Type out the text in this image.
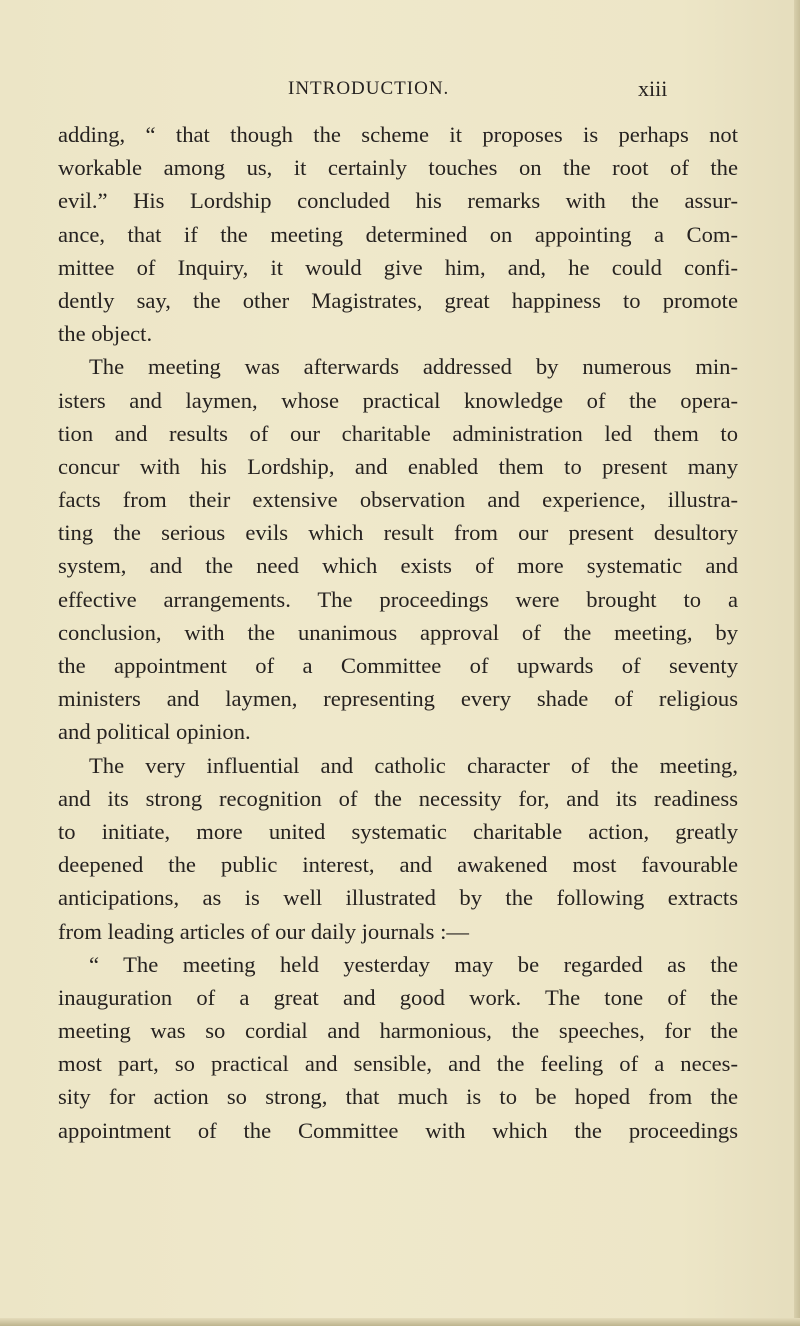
INTRODUCTION.	xiii
adding, “ that though the scheme it proposes is perhaps not
workable among us, it certainly touches on the root of the
evil.” His Lordship concluded his remarks with the assur-
ance, that if the meeting determined on appointing a Com-
mittee of Inquiry, it would give him, and, he could confi-
dently say, the other Magistrates, great happiness to promote
the object.
The meeting was afterwards addressed by numerous min-
isters and laymen, whose practical knowledge of the opera-
tion and results of our charitable administration led them to
concur with his Lordship, and enabled them to present many
facts from their extensive observation and experience, illustra-
ting the serious evils which result from our present desultory
system, and the need which exists of more systematic and
effective arrangements. The proceedings were brought to a
conclusion, with the unanimous approval of the meeting, by
the appointment of a Committee of upwards of seventy
ministers and laymen, representing every shade of religious
and political opinion.
The very influential and catholic character of the meeting,
and its strong recognition of the necessity for, and its readiness
to initiate, more united systematic charitable action, greatly
deepened the public interest, and awakened most favourable
anticipations, as is well illustrated by the following extracts
from leading articles of our daily journals :—
“ The meeting held yesterday may be regarded as the
inauguration of a great and good work. The tone of the
meeting was so cordial and harmonious, the speeches, for the
most part, so practical and sensible, and the feeling of a neces-
sity for action so strong, that much is to be hoped from the
appointment of the Committee with which the proceedings
